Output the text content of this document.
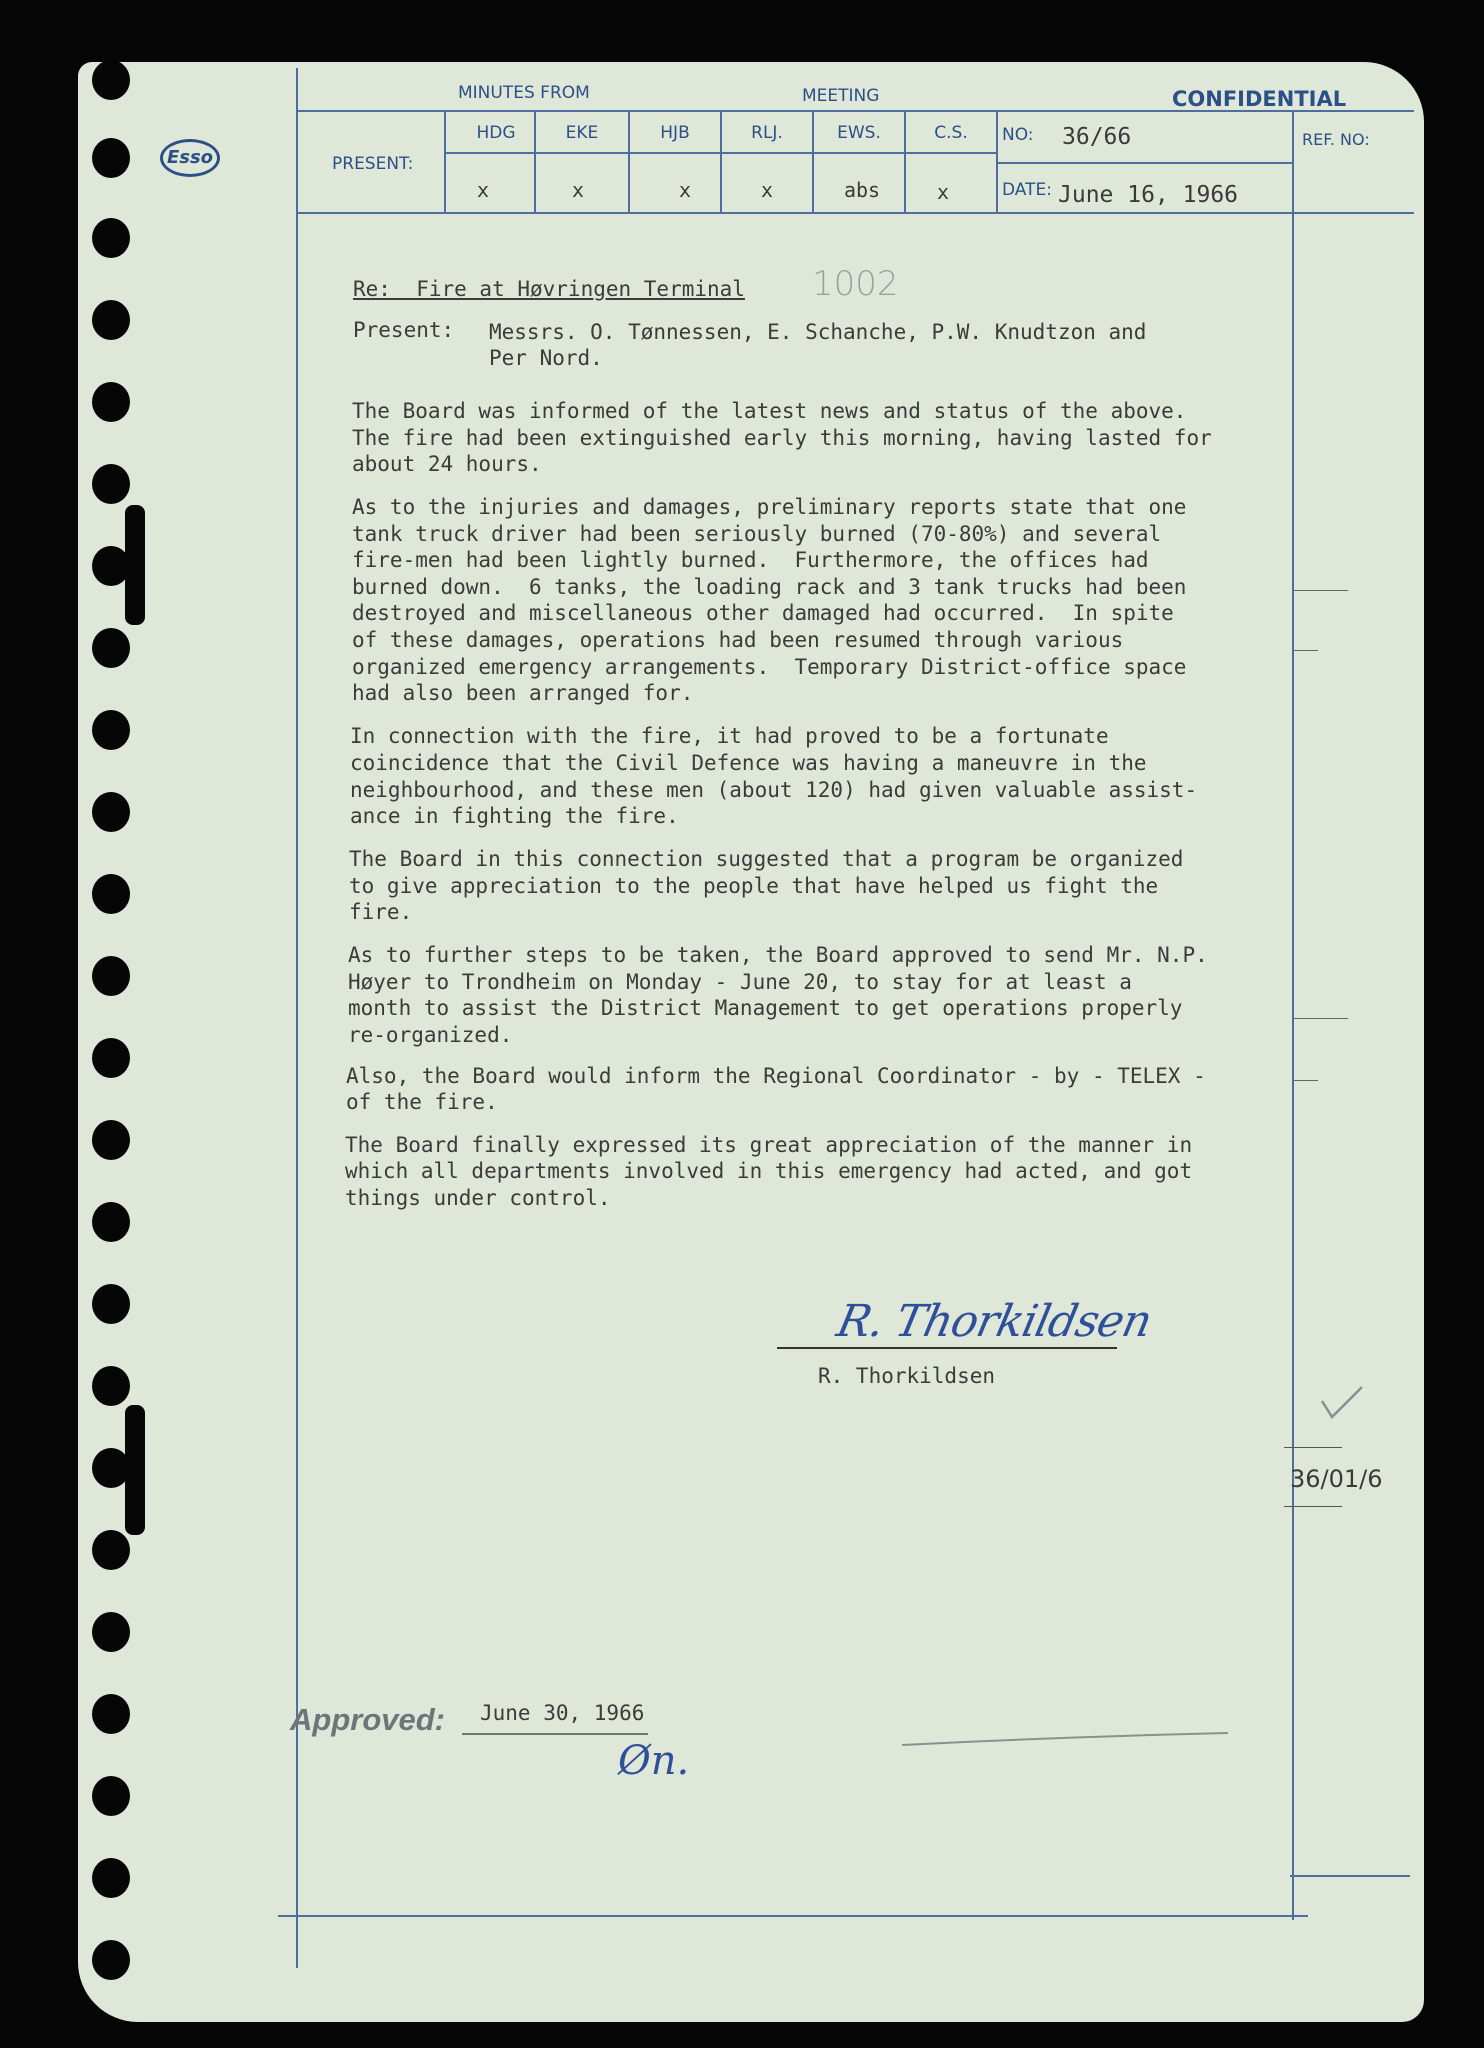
MINUTES FROM	MEETING	CONFIDENTIAL
Esso	PRESENT:
HDG	EKE	HJB	RLJ.	EWS.	C.S.
x	x	x	x	abs	x
NO: 36/66
DATE: June 16, 1966
REF. NO:
Re:  Fire at Høvringen Terminal 1002
Present: Messrs. O. Tønnessen, E. Schanche, P.W. Knudtzon and
Per Nord.
The Board was informed of the latest news and status of the above.
The fire had been extinguished early this morning, having lasted for
about 24 hours.
As to the injuries and damages, preliminary reports state that one
tank truck driver had been seriously burned (70-80%) and several
fire-men had been lightly burned.  Furthermore, the offices had
burned down.  6 tanks, the loading rack and 3 tank trucks had been
destroyed and miscellaneous other damaged had occurred.  In spite
of these damages, operations had been resumed through various
organized emergency arrangements.  Temporary District-office space
had also been arranged for.
In connection with the fire, it had proved to be a fortunate
coincidence that the Civil Defence was having a maneuvre in the
neighbourhood, and these men (about 120) had given valuable assist-
ance in fighting the fire.
The Board in this connection suggested that a program be organized
to give appreciation to the people that have helped us fight the
fire.
As to further steps to be taken, the Board approved to send Mr. N.P.
Høyer to Trondheim on Monday - June 20, to stay for at least a
month to assist the District Management to get operations properly
re-organized.
Also, the Board would inform the Regional Coordinator - by - TELEX -
of the fire.
The Board finally expressed its great appreciation of the manner in
which all departments involved in this emergency had acted, and got
things under control.
36/01/6
R. Thorkildsen
R. Thorkildsen
Approved: June 30, 1966
Øn.
